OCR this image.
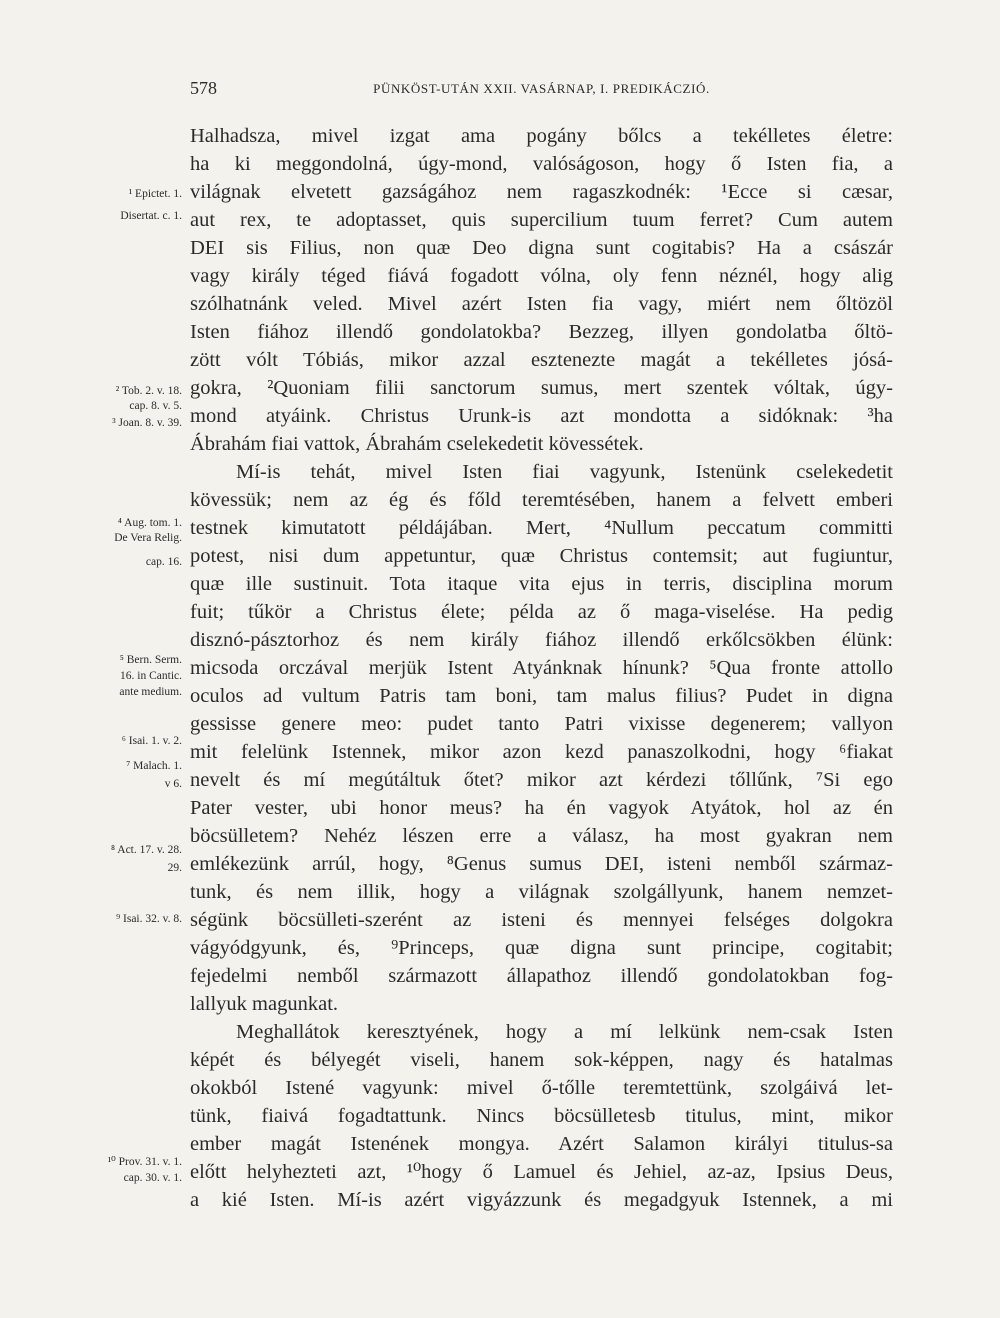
578	PÜNKÖST-UTÁN XXII. VASÁRNAP, I. PREDIKÁCZIÓ.
Halhadsza, mivel izgat ama pogány bőlcs a tekélletes életre:
ha ki meggondolná, úgy-mond, valóságoson, hogy ő Isten fia, a
világnak elvetett gazságához nem ragaszkodnék: ¹Ecce si cæsar,
aut rex, te adoptasset, quis supercilium tuum ferret? Cum autem
DEI sis Filius, non quæ Deo digna sunt cogitabis? Ha a császár
vagy király téged fiává fogadott vólna, oly fenn néznél, hogy alig
szólhatnánk veled. Mivel azért Isten fia vagy, miért nem őltözöl
Isten fiához illendő gondolatokba? Bezzeg, illyen gondolatba őltö-
zött vólt Tóbiás, mikor azzal esztenezte magát a tekélletes jósá-
gokra, ²Quoniam filii sanctorum sumus, mert szentek vóltak, úgy-
mond atyáink. Christus Urunk-is azt mondotta a sidóknak: ³ha
Ábrahám fiai vattok, Ábrahám cselekedetit kövessétek.
Mí-is tehát, mivel Isten fiai vagyunk, Istenünk cselekedetit
kövessük; nem az ég és főld teremtésében, hanem a felvett emberi
testnek kimutatott példájában. Mert, ⁴Nullum peccatum committi
potest, nisi dum appetuntur, quæ Christus contemsit; aut fugiuntur,
quæ ille sustinuit. Tota itaque vita ejus in terris, disciplina morum
fuit; tűkör a Christus élete; példa az ő maga-viselése. Ha pedig
disznó-pásztorhoz és nem király fiához illendő erkőlcsökben élünk:
micsoda orczával merjük Istent Atyánknak hínunk? ⁵Qua fronte attollo
oculos ad vultum Patris tam boni, tam malus filius? Pudet in digna
gessisse genere meo: pudet tanto Patri vixisse degenerem; vallyon
mit felelünk Istennek, mikor azon kezd panaszolkodni, hogy ⁶fiakat
nevelt és mí megútáltuk őtet? mikor azt kérdezi tőllűnk, ⁷Si ego
Pater vester, ubi honor meus? ha én vagyok Atyátok, hol az én
böcsülletem? Nehéz lészen erre a válasz, ha most gyakran nem
emlékezünk arrúl, hogy, ⁸Genus sumus DEI, isteni nemből származ-
tunk, és nem illik, hogy a világnak szolgállyunk, hanem nemzet-
ségünk böcsülleti-szerént az isteni és mennyei felséges dolgokra
vágyódgyunk, és, ⁹Princeps, quæ digna sunt principe, cogitabit;
fejedelmi nemből származott állapathoz illendő gondolatokban fog-
lallyuk magunkat.
Meghallátok keresztyének, hogy a mí lelkünk nem-csak Isten
képét és bélyegét viseli, hanem sok-képpen, nagy és hatalmas
okokból Istené vagyunk: mivel ő-tőlle teremtettünk, szolgáivá let-
tünk, fiaivá fogadtattunk. Nincs böcsülletesb titulus, mint, mikor
ember magát Istenének mongya. Azért Salamon királyi titulus-sa
előtt helyhezteti azt, ¹⁰hogy ő Lamuel és Jehiel, az-az, Ipsius Deus,
a kié Isten. Mí-is azért vigyázzunk és megadgyuk Istennek, a mi
¹ Epictet. 1.
Disertat. c. 1.
² Tob. 2. v. 18.
cap. 8. v. 5.
³ Joan. 8. v. 39.
⁴ Aug. tom. 1.
De Vera Relig.
cap. 16.
⁵ Bern. Serm.
16. in Cantic.
ante medium.
⁶ Isai. 1. v. 2.
⁷ Malach. 1.
v 6.
⁸ Act. 17. v. 28.
29.
⁹ Isai. 32. v. 8.
¹⁰ Prov. 31. v. 1.
cap. 30. v. 1.
